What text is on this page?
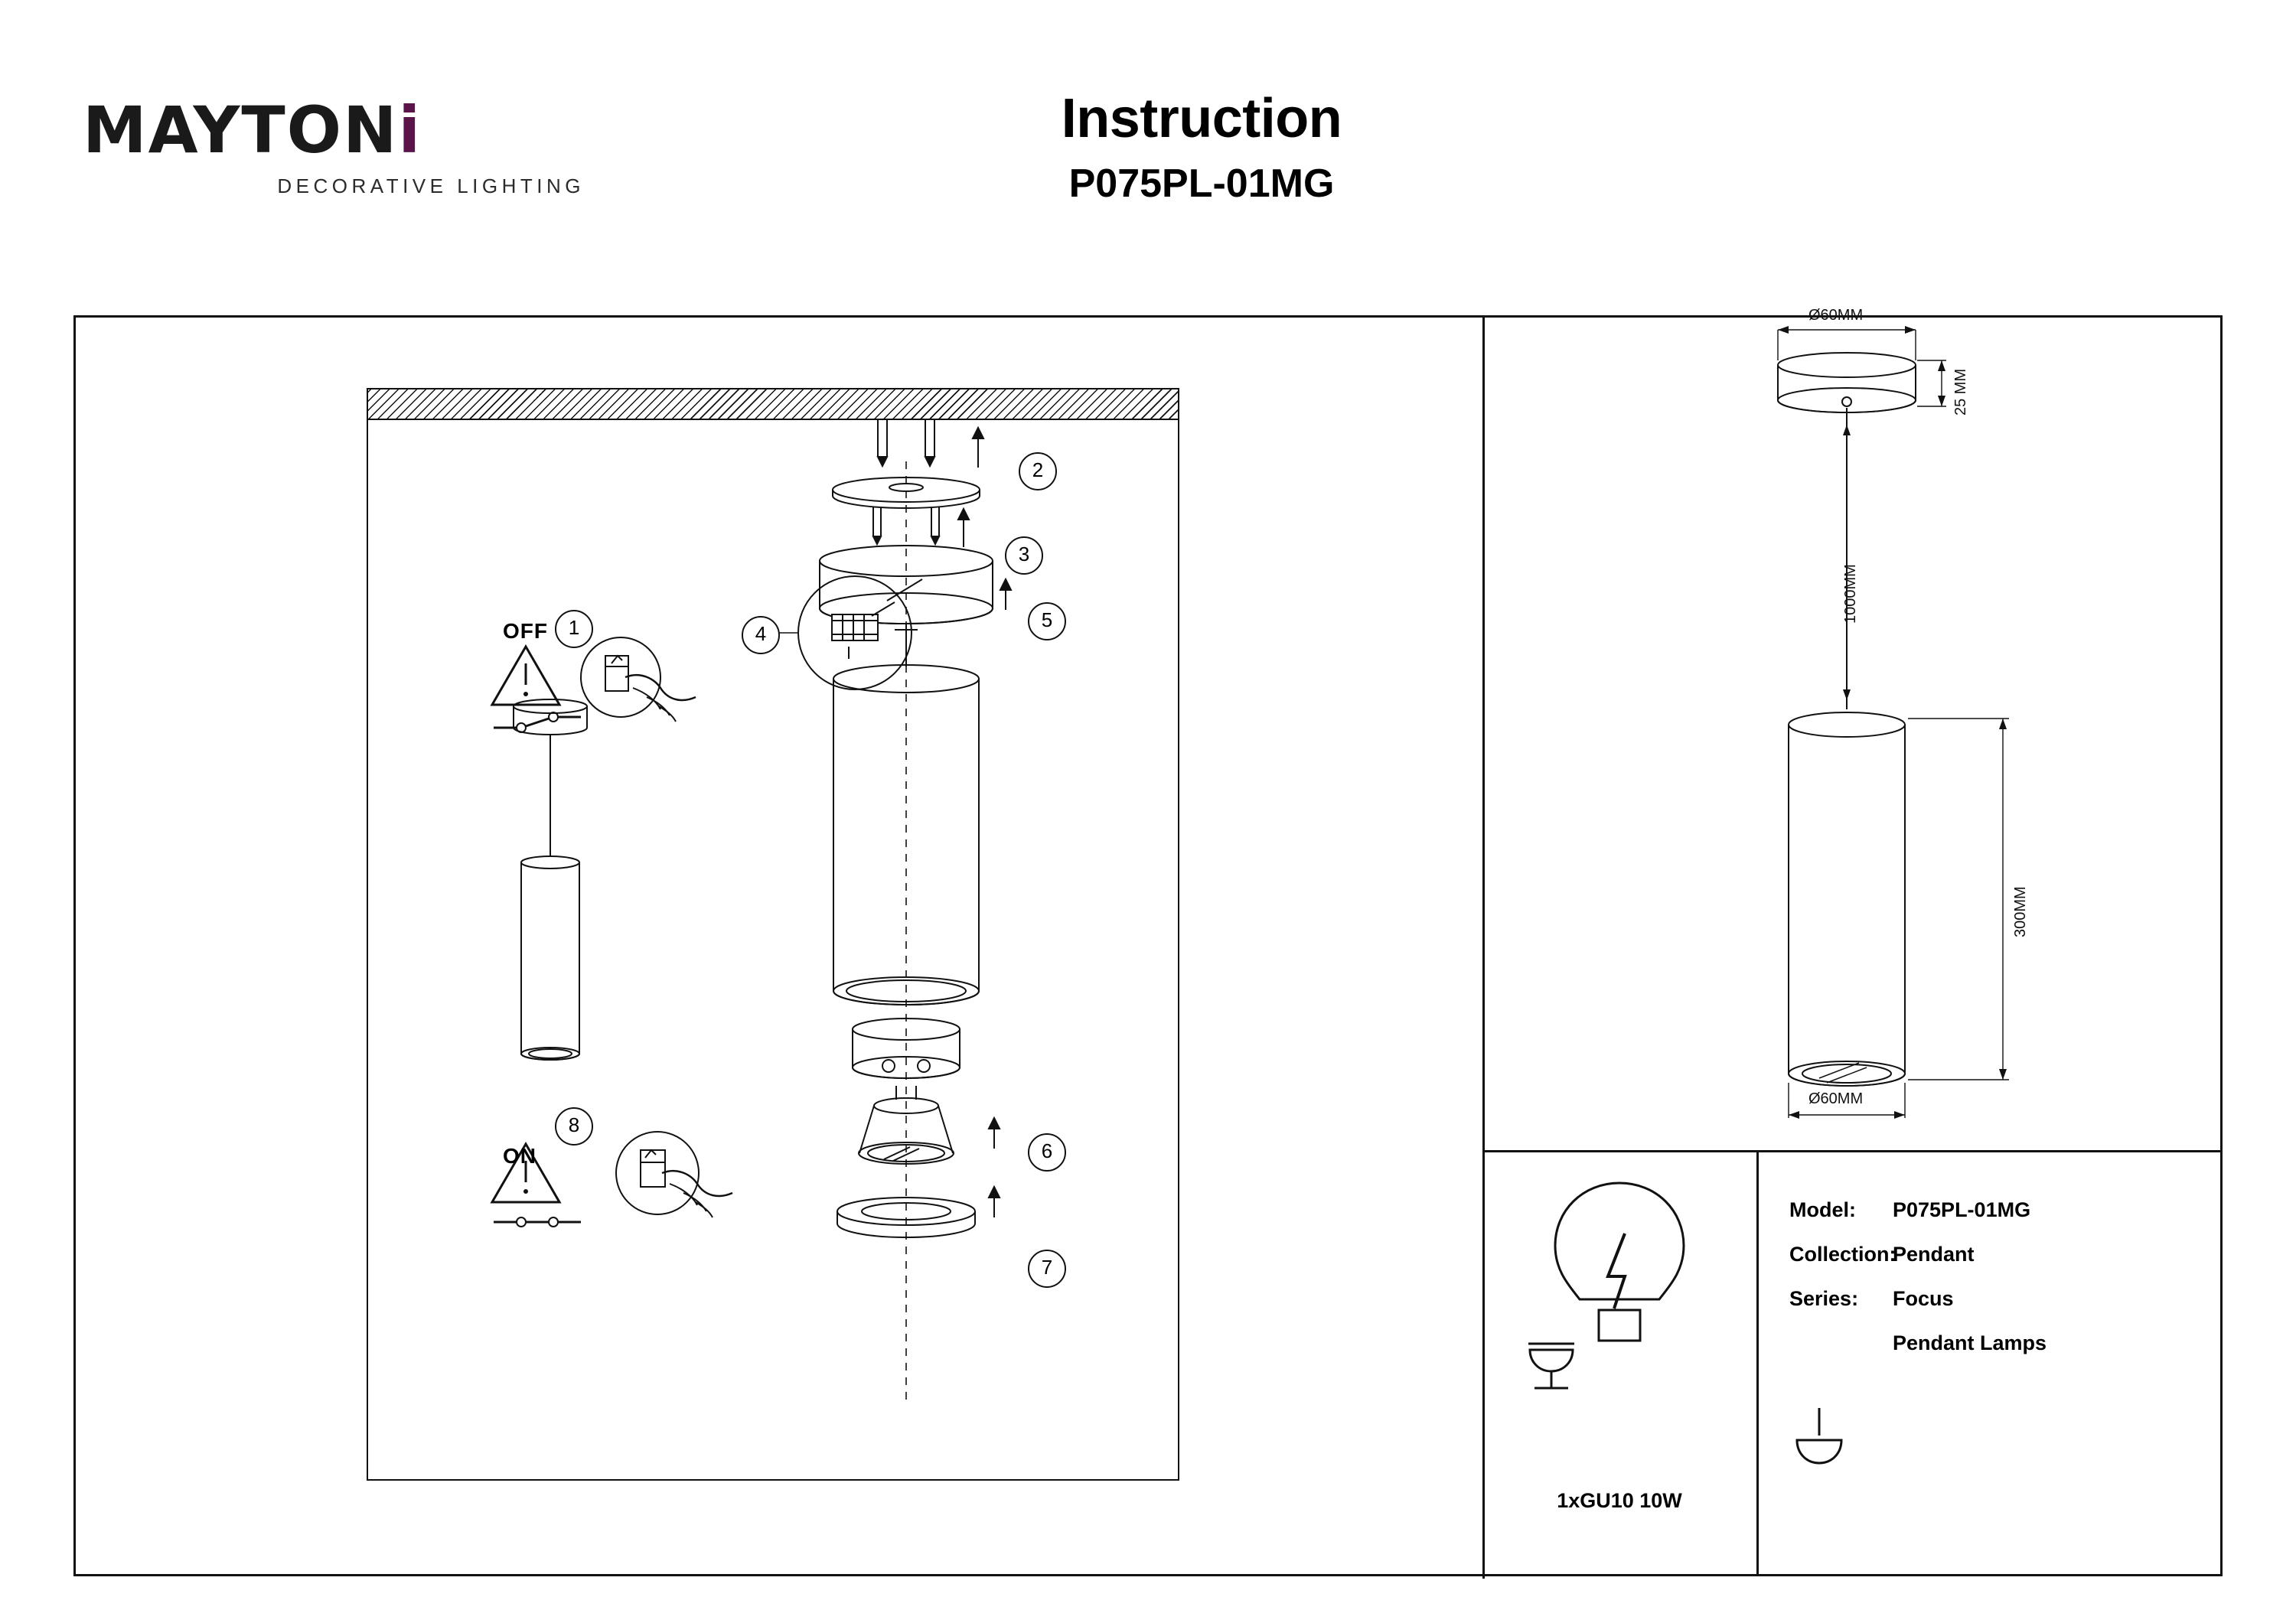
MAYTONi
DECORATIVE LIGHTING
Instruction
P075PL-01MG
1
2
3
4
5
6
7
8
OFF
ON
Ø60MM
25 MM
1000MM
300MM
Ø60MM
1xGU10 10W
Model: P075PL-01MG
Collection:
Pendant
Series: Focus
Pendant Lamps
